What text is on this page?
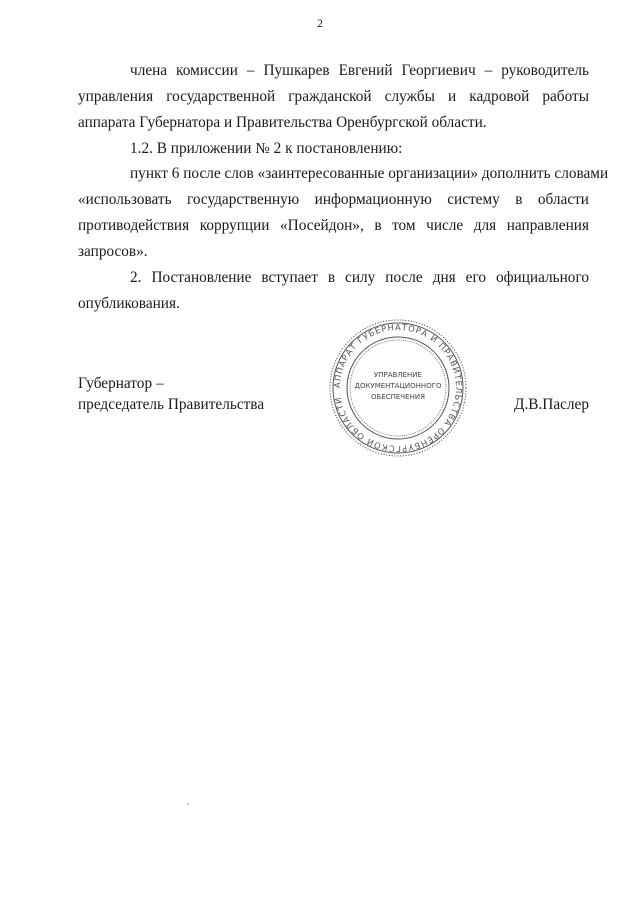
2
члена комиссии – Пушкарев Евгений Георгиевич – руководитель
управления государственной гражданской службы и кадровой работы
аппарата Губернатора и Правительства Оренбургской области.
1.2. В приложении № 2 к постановлению:
пункт 6 после слов «заинтересованные организации» дополнить словами
«использовать государственную информационную систему в области
противодействия коррупции «Посейдон», в том числе для направления
запросов».
2. Постановление вступает в силу после дня его официального
опубликования.
Губернатор –
председатель Правительства	Д.В.Паслер
АППАРАТ ГУБЕРНАТОРА И ПРАВИТЕЛЬСТВА ОРЕНБУРГСКОЙ ОБЛАСТИ
УПРАВЛЕНИЕ
ДОКУМЕНТАЦИОННОГО
ОБЕСПЕЧЕНИЯ
